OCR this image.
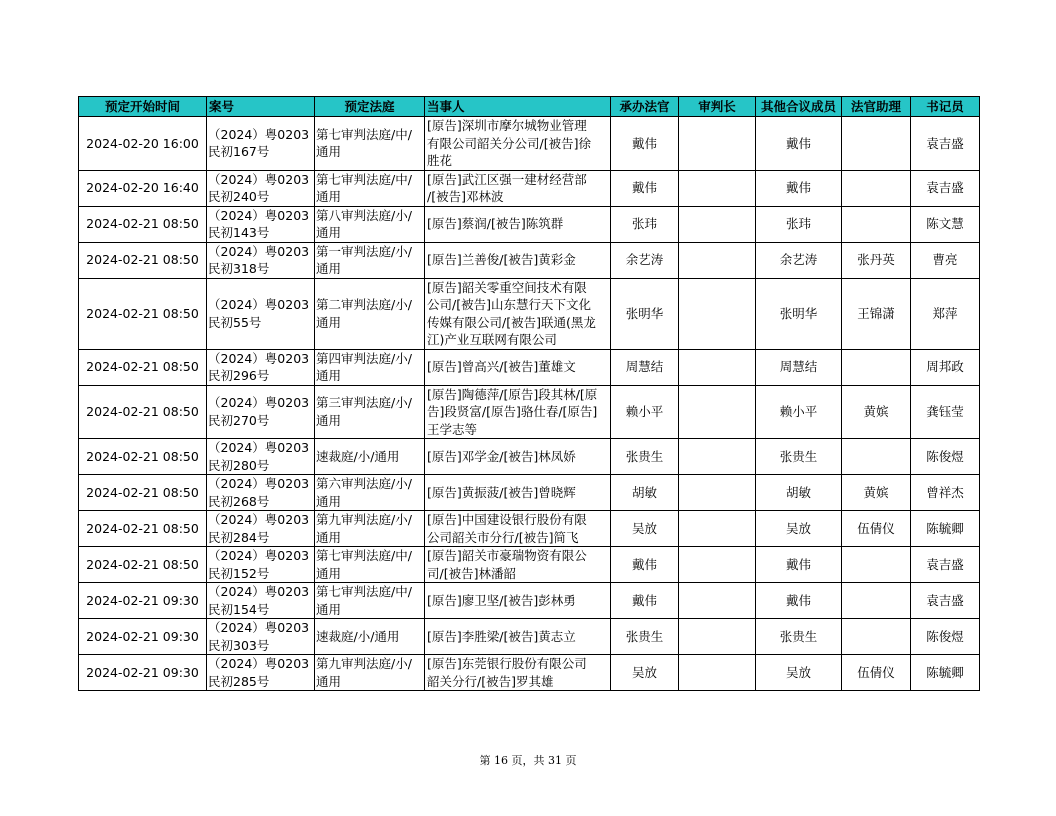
预定开始时间	案号	预定法庭	当事人	承办法官	审判长	其他合议成员	法官助理	书记员
2024-02-20 16:00	（2024）粤0203
民初167号	第七审判法庭/中/
通用	[原告]深圳市摩尔城物业管理
有限公司韶关分公司/[被告]徐
胜花	戴伟		戴伟		袁吉盛
2024-02-20 16:40	（2024）粤0203
民初240号	第七审判法庭/中/
通用	[原告]武江区强一建材经营部
/[被告]邓林波	戴伟		戴伟		袁吉盛
2024-02-21 08:50	（2024）粤0203
民初143号	第八审判法庭/小/
通用	[原告]蔡润/[被告]陈筑群	张玮		张玮		陈文慧
2024-02-21 08:50	（2024）粤0203
民初318号	第一审判法庭/小/
通用	[原告]兰善俊/[被告]黄彩金	余艺涛		余艺涛	张丹英	曹亮
2024-02-21 08:50	（2024）粤0203
民初55号	第二审判法庭/小/
通用	[原告]韶关零重空间技术有限
公司/[被告]山东慧行天下文化
传媒有限公司/[被告]联通(黑龙
江)产业互联网有限公司	张明华		张明华	王锦潇	郑萍
2024-02-21 08:50	（2024）粤0203
民初296号	第四审判法庭/小/
通用	[原告]曾高兴/[被告]董雄文	周慧结		周慧结		周邦政
2024-02-21 08:50	（2024）粤0203
民初270号	第三审判法庭/小/
通用	[原告]陶德萍/[原告]段其林/[原
告]段贤富/[原告]骆仕春/[原告]
王学志等	赖小平		赖小平	黄嫔	龚钰莹
2024-02-21 08:50	（2024）粤0203
民初280号	速裁庭/小/通用	[原告]邓学金/[被告]林凤娇	张贵生		张贵生		陈俊煜
2024-02-21 08:50	（2024）粤0203
民初268号	第六审判法庭/小/
通用	[原告]黄振菠/[被告]曾晓辉	胡敏		胡敏	黄嫔	曾祥杰
2024-02-21 08:50	（2024）粤0203
民初284号	第九审判法庭/小/
通用	[原告]中国建设银行股份有限
公司韶关市分行/[被告]简飞	吴放		吴放	伍倩仪	陈毓卿
2024-02-21 08:50	（2024）粤0203
民初152号	第七审判法庭/中/
通用	[原告]韶关市豪瑞物资有限公
司/[被告]林潘韶	戴伟		戴伟		袁吉盛
2024-02-21 09:30	（2024）粤0203
民初154号	第七审判法庭/中/
通用	[原告]廖卫坚/[被告]彭林勇	戴伟		戴伟		袁吉盛
2024-02-21 09:30	（2024）粤0203
民初303号	速裁庭/小/通用	[原告]李胜梁/[被告]黄志立	张贵生		张贵生		陈俊煜
2024-02-21 09:30	（2024）粤0203
民初285号	第九审判法庭/小/
通用	[原告]东莞银行股份有限公司
韶关分行/[被告]罗其雄	吴放		吴放	伍倩仪	陈毓卿
第 16 页，共 31 页
